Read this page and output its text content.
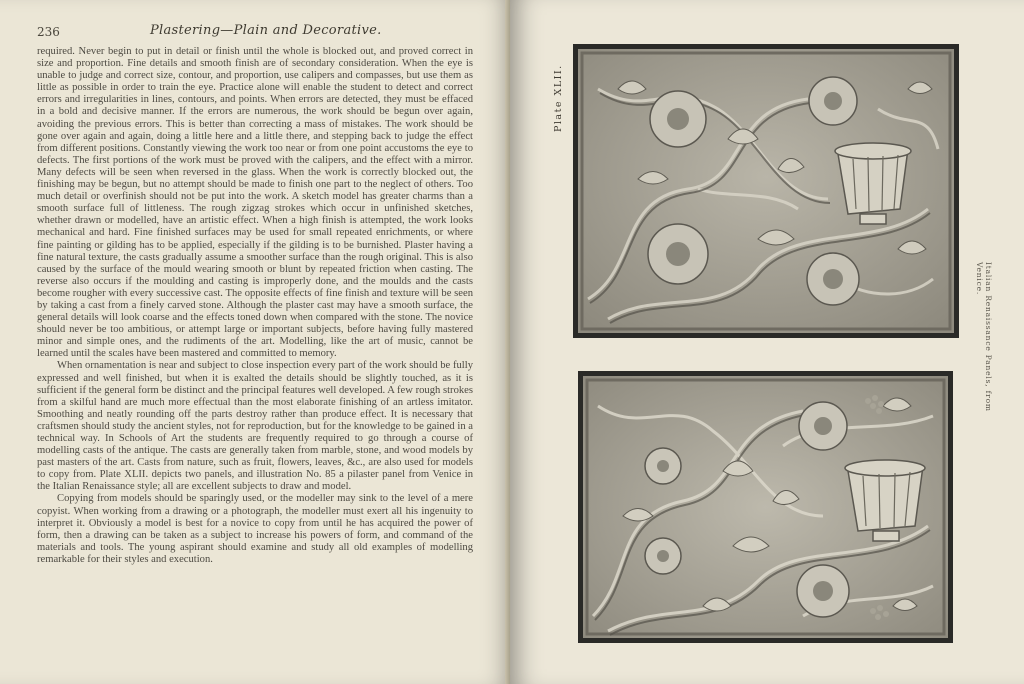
236	Plastering—Plain and Decorative.

required. Never begin to put in detail or finish until the whole is blocked out, and proved correct in size and proportion. Fine details and smooth finish are of secondary consideration. When the eye is unable to judge and correct size, contour, and proportion, use calipers and compasses, but use them as little as possible in order to train the eye. Practice alone will enable the student to detect and correct errors and irregularities in lines, contours, and points. When errors are detected, they must be effaced in a bold and decisive manner. If the errors are numerous, the work should be begun over again, avoiding the previous errors. This is better than correcting a mass of mistakes. The work should be gone over again and again, doing a little here and a little there, and stepping back to judge the effect from different positions. Constantly viewing the work too near or from one point accustoms the eye to defects. The first portions of the work must be proved with the calipers, and the effect with a mirror. Many defects will be seen when reversed in the glass. When the work is correctly blocked out, the finishing may be begun, but no attempt should be made to finish one part to the neglect of others. Too much detail or overfinish should not be put into the work. A sketch model has greater charms than a smooth surface full of littleness. The rough zigzag strokes which occur in unfinished sketches, whether drawn or modelled, have an artistic effect. When a high finish is attempted, the work looks mechanical and hard. Fine finished surfaces may be used for small repeated enrichments, or where fine painting or gilding has to be applied, especially if the gilding is to be burnished. Plaster having a fine natural texture, the casts gradually assume a smoother surface than the rough original. This is also caused by the surface of the mould wearing smooth or blunt by repeated friction when casting. The reverse also occurs if the moulding and casting is improperly done, and the moulds and the casts become rougher with every successive cast. The opposite effects of fine finish and texture will be seen by taking a cast from a finely carved stone. Although the plaster cast may have a smooth surface, the general details will look coarse and the effects toned down when compared with the stone. The novice should never be too ambitious, or attempt large or important subjects, before having fully mastered minor and simple ones, and the rudiments of the art. Modelling, like the art of music, cannot be learned until the scales have been mastered and committed to memory.

When ornamentation is near and subject to close inspection every part of the work should be fully expressed and well finished, but when it is exalted the details should be slightly touched, as it is sufficient if the general form be distinct and the principal features well developed. A few rough strokes from a skilful hand are much more effectual than the most elaborate finishing of an artless imitator. Smoothing and neatly rounding off the parts destroy rather than produce effect. It is necessary that craftsmen should study the ancient styles, not for reproduction, but for the knowledge to be gained in a technical way. In Schools of Art the students are frequently required to go through a course of modelling casts of the antique. The casts are generally taken from marble, stone, and wood models by past masters of the art. Casts from nature, such as fruit, flowers, leaves, &c., are also used for models to copy from. Plate XLII. depicts two panels, and illustration No. 85 a pilaster panel from Venice in the Italian Renaissance style; all are excellent subjects to draw and model.

Copying from models should be sparingly used, or the modeller may sink to the level of a mere copyist. When working from a drawing or a photograph, the modeller must exert all his ingenuity to interpret it. Obviously a model is best for a novice to copy from until he has acquired the power of form, then a drawing can be taken as a subject to increase his powers of form, and command of the materials and tools. The young aspirant should examine and study all old examples of modelling remarkable for their styles and execution.

Plate XLII.
Italian Renaissance Panels, from Venice.
